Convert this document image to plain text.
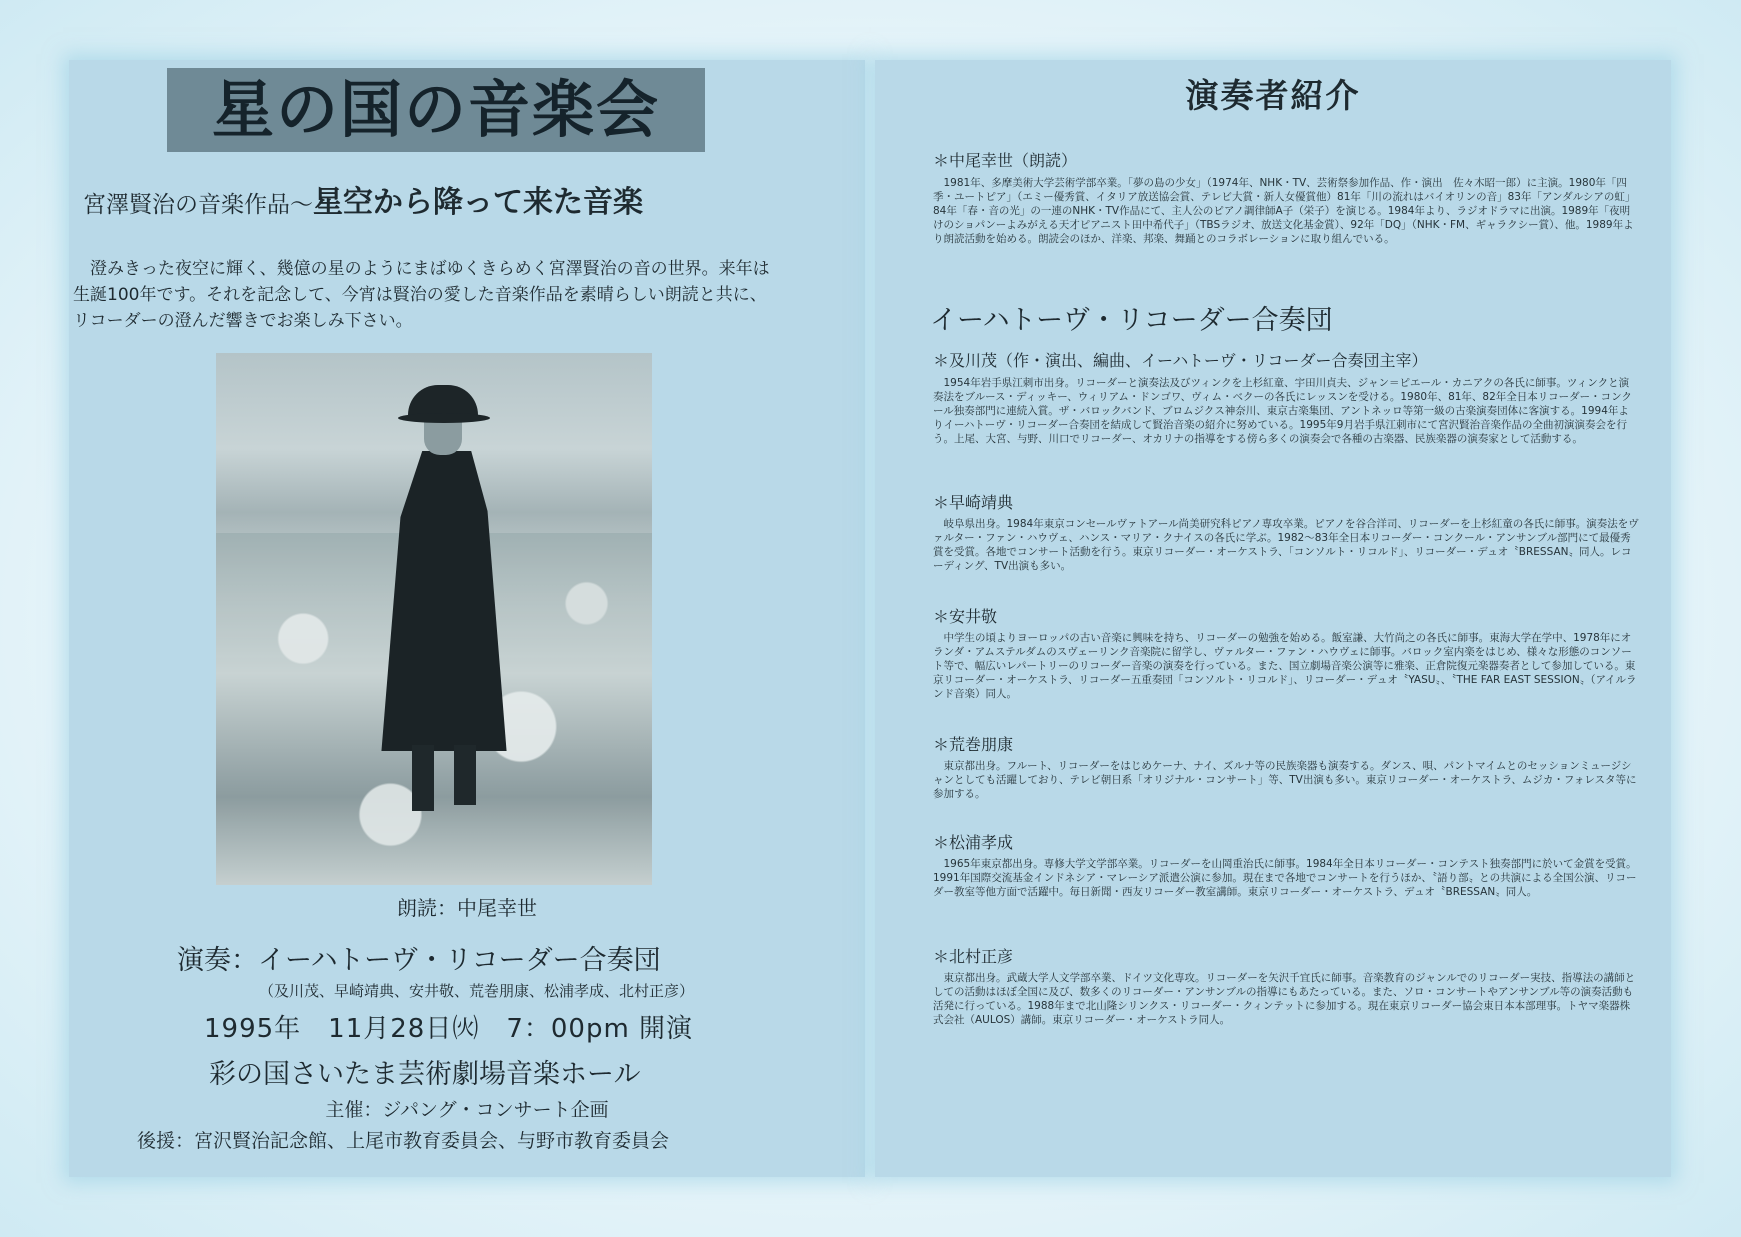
星の国の音楽会
宮澤賢治の音楽作品〜星空から降って来た音楽
　澄みきった夜空に輝く、幾億の星のようにまばゆくきらめく宮澤賢治の音の世界。来年は
生誕100年です。それを記念して、今宵は賢治の愛した音楽作品を素晴らしい朗読と共に、
リコーダーの澄んだ響きでお楽しみ下さい。
朗読：中尾幸世
演奏：イーハトーヴ・リコーダー合奏団
（及川茂、早崎靖典、安井敬、荒巻朋康、松浦孝成、北村正彦）
1995年　11月28日㈫　7：00pm 開演
彩の国さいたま芸術劇場音楽ホール
主催：ジパング・コンサート企画
後援：宮沢賢治記念館、上尾市教育委員会、与野市教育委員会
演奏者紹介
＊中尾幸世（朗読）
　1981年、多摩美術大学芸術学部卒業。「夢の島の少女」（1974年、NHK・TV、芸術祭参加作品、作・演出　佐々木昭一郎）に主演。1980年「四季・ユートピア」（エミー優秀賞、イタリア放送協会賞、テレビ大賞・新人女優賞他）81年「川の流れはバイオリンの音」83年「アンダルシアの虹」84年「春・音の光」の一連のNHK・TV作品にて、主人公のピアノ調律師A子（栄子）を演じる。1984年より、ラジオドラマに出演。1989年「夜明けのショパンーよみがえる天才ピアニスト田中希代子」（TBSラジオ、放送文化基金賞）、92年「DQ」（NHK・FM、ギャラクシー賞）、他。1989年より朗読活動を始める。朗読会のほか、洋楽、邦楽、舞踊とのコラボレーションに取り組んでいる。
イーハトーヴ・リコーダー合奏団
＊及川茂（作・演出、編曲、イーハトーヴ・リコーダー合奏団主宰）
　1954年岩手県江刺市出身。リコーダーと演奏法及びツィンクを上杉紅童、宇田川貞夫、ジャン＝ピエール・カニアクの各氏に師事。ツィンクと演奏法をブルース・ディッキー、ウィリアム・ドンゴワ、ヴィム・ベクーの各氏にレッスンを受ける。1980年、81年、82年全日本リコーダー・コンクール独奏部門に連続入賞。ザ・バロックバンド、ブロムジクス神奈川、東京古楽集団、アントネッロ等第一級の古楽演奏団体に客演する。1994年よりイーハトーヴ・リコーダー合奏団を結成して賢治音楽の紹介に努めている。1995年9月岩手県江刺市にて宮沢賢治音楽作品の全曲初演演奏会を行う。上尾、大宮、与野、川口でリコーダー、オカリナの指導をする傍ら多くの演奏会で各種の古楽器、民族楽器の演奏家として活動する。
＊早崎靖典
　岐阜県出身。1984年東京コンセールヴァトアール尚美研究科ピアノ専攻卒業。ピアノを谷合洋司、リコーダーを上杉紅童の各氏に師事。演奏法をヴァルター・ファン・ハウヴェ、ハンス・マリア・クナイスの各氏に学ぶ。1982〜83年全日本リコーダー・コンクール・アンサンブル部門にて最優秀賞を受賞。各地でコンサート活動を行う。東京リコーダー・オーケストラ、「コンソルト・リコルド」、リコーダー・デュオ〝BRESSAN〟同人。レコーディング、TV出演も多い。
＊安井敬
　中学生の頃よりヨーロッパの古い音楽に興味を持ち、リコーダーの勉強を始める。飯室謙、大竹尚之の各氏に師事。東海大学在学中、1978年にオランダ・アムステルダムのスヴェーリンク音楽院に留学し、ヴァルター・ファン・ハウヴェに師事。バロック室内楽をはじめ、様々な形態のコンソート等で、幅広いレパートリーのリコーダー音楽の演奏を行っている。また、国立劇場音楽公演等に雅楽、正倉院復元楽器奏者として参加している。東京リコーダー・オーケストラ、リコーダー五重奏団「コンソルト・リコルド」、リコーダー・デュオ〝YASU〟、〝THE FAR EAST SESSION〟（アイルランド音楽）同人。
＊荒巻朋康
　東京都出身。フルート、リコーダーをはじめケーナ、ナイ、ズルナ等の民族楽器も演奏する。ダンス、唄、パントマイムとのセッションミュージシャンとしても活躍しており、テレビ朝日系「オリジナル・コンサート」等、TV出演も多い。東京リコーダー・オーケストラ、ムジカ・フォレスタ等に参加する。
＊松浦孝成
　1965年東京都出身。専修大学文学部卒業。リコーダーを山岡重治氏に師事。1984年全日本リコーダー・コンテスト独奏部門に於いて金賞を受賞。1991年国際交流基金インドネシア・マレーシア派遣公演に参加。現在まで各地でコンサートを行うほか、〝語り部〟との共演による全国公演、リコーダー教室等他方面で活躍中。毎日新聞・西友リコーダー教室講師。東京リコーダー・オーケストラ、デュオ〝BRESSAN〟同人。
＊北村正彦
　東京都出身。武蔵大学人文学部卒業、ドイツ文化専攻。リコーダーを矢沢千宜氏に師事。音楽教育のジャンルでのリコーダー実技、指導法の講師としての活動はほぼ全国に及び、数多くのリコーダー・アンサンブルの指導にもあたっている。また、ソロ・コンサートやアンサンブル等の演奏活動も活発に行っている。1988年まで北山隆シリンクス・リコーダー・クィンテットに参加する。現在東京リコーダー協会東日本本部理事。トヤマ楽器株式会社（AULOS）講師。東京リコーダー・オーケストラ同人。
